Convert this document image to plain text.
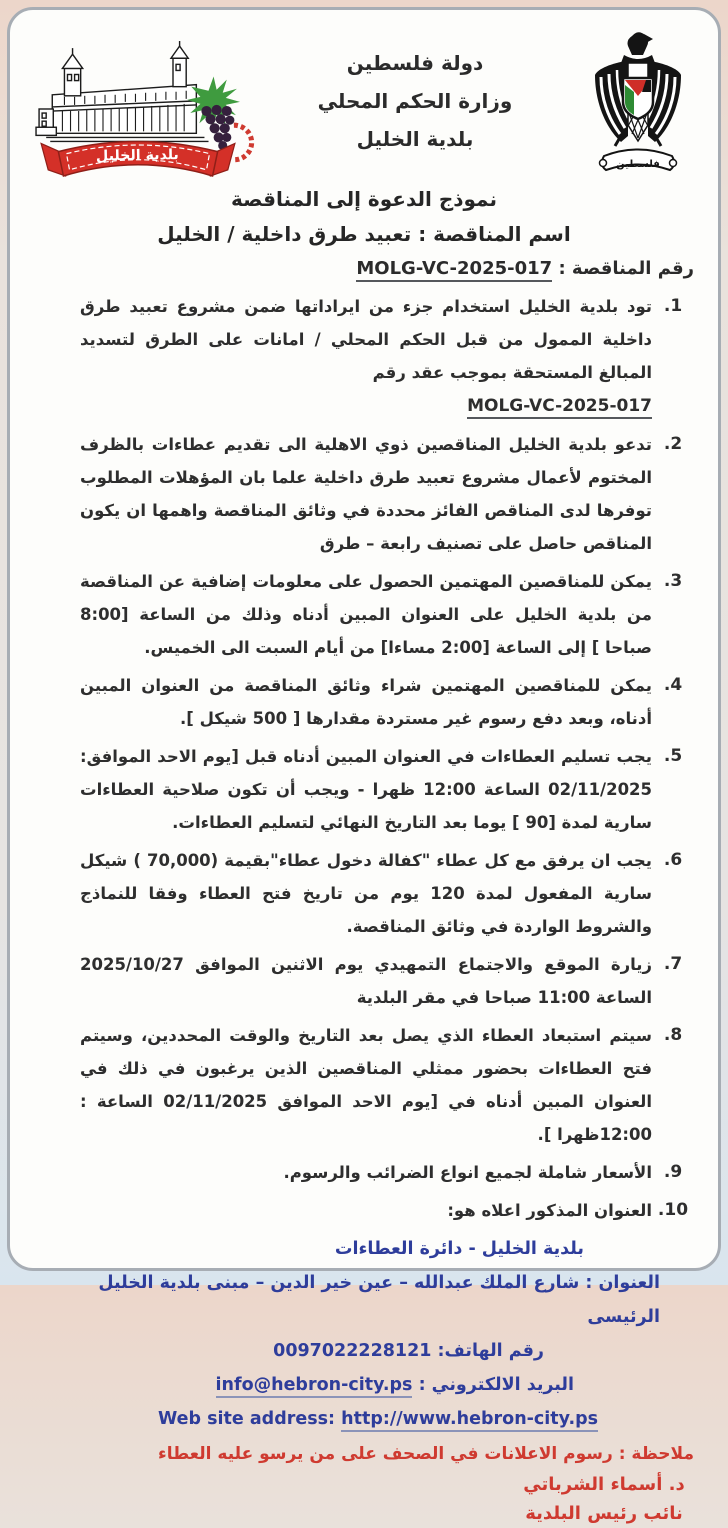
بلدية الخليل
دولة فلسطين
وزارة الحكم المحلي
بلدية الخليل
فلسطين
نموذج الدعوة إلى المناقصة
اسم المناقصة : تعبيد طرق داخلية / الخليل
رقم المناقصة : MOLG-VC-2025-017
1.
تود بلدية الخليل استخدام جزء من ايراداتها ضمن مشروع تعبيد طرق داخلية الممول من قبل الحكم المحلي / امانات على الطرق لتسديد المبالغ المستحقة بموجب عقد رقم
MOLG-VC-2025-017
2.
تدعو بلدية الخليل المناقصين ذوي الاهلية الى تقديم عطاءات بالظرف المختوم لأعمال مشروع تعبيد طرق داخلية علما بان المؤهلات المطلوب توفرها لدى المناقص الفائز محددة في وثائق المناقصة واهمها ان يكون المناقص حاصل على تصنيف رابعة – طرق
3.
يمكن للمناقصين المهتمين الحصول على معلومات إضافية عن المناقصة من بلدية الخليل على العنوان المبين أدناه وذلك من الساعة [8:00 صباحا ] إلى الساعة [2:00 مساءا] من أيام السبت الى الخميس.
4.
يمكن للمناقصين المهتمين شراء وثائق المناقصة من العنوان المبين أدناه، وبعد دفع رسوم غير مستردة مقدارها [ 500 شيكل ].
5.
يجب تسليم العطاءات في العنوان المبين أدناه قبل [يوم الاحد الموافق: 02/11/2025 الساعة 12:00 ظهرا - ويجب أن تكون صلاحية العطاءات سارية لمدة [90 ] يوما بعد التاريخ النهائي لتسليم العطاءات.
6.
يجب ان يرفق مع كل عطاء "كفالة دخول عطاء"بقيمة (70,000 ) شيكل سارية المفعول لمدة 120 يوم من تاريخ فتح العطاء وفقا للنماذج والشروط الواردة في وثائق المناقصة.
7.
زيارة الموقع والاجتماع التمهيدي يوم الاثنين الموافق 2025/10/27 الساعة 11:00 صباحا في مقر البلدية
8.
سيتم استبعاد العطاء الذي يصل بعد التاريخ والوقت المحددين، وسيتم فتح العطاءات بحضور ممثلي المناقصين الذين يرغبون في ذلك في العنوان المبين أدناه في [يوم الاحد الموافق 02/11/2025 الساعة : 12:00ظهرا ].
9.
الأسعار شاملة لجميع انواع الضرائب والرسوم.
10.
العنوان المذكور اعلاه هو:
بلدية الخليل - دائرة العطاءات
العنوان : شارع الملك عبدالله – عين خير الدين – مبنى بلدية الخليل الرئيسى
رقم الهاتف: 0097022228121
البريد الالكتروني : info@hebron-city.ps
Web site address: http://www.hebron-city.ps
ملاحظة : رسوم الاعلانات في الصحف على من يرسو عليه العطاء
د. أسماء الشرباتي
نائب رئيس البلدية
